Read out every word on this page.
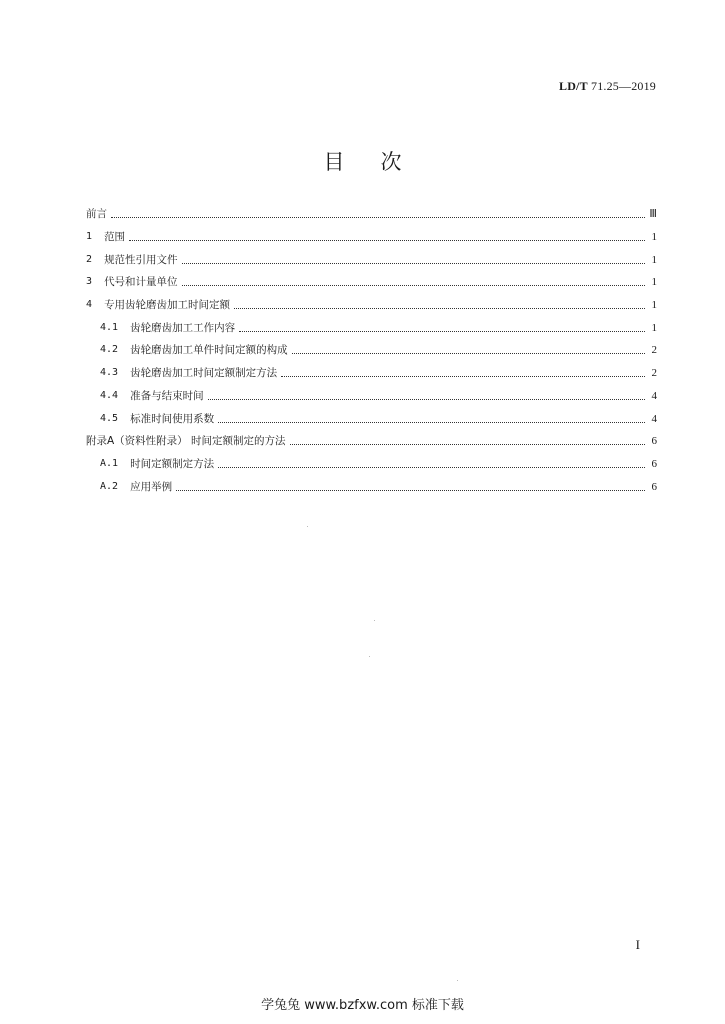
LD/T 71.25—2019
目次
前言	Ⅲ
1 范围	1
2 规范性引用文件	1
3 代号和计量单位	1
4 专用齿轮磨齿加工时间定额	1
4.1 齿轮磨齿加工工作内容	1
4.2 齿轮磨齿加工单件时间定额的构成	2
4.3 齿轮磨齿加工时间定额制定方法	2
4.4 准备与结束时间	4
4.5 标准时间使用系数	4
附录A（资料性附录） 时间定额制定的方法	6
A.1 时间定额制定方法	6
A.2 应用举例	6
I
学兔兔 www.bzfxw.com 标准下载
